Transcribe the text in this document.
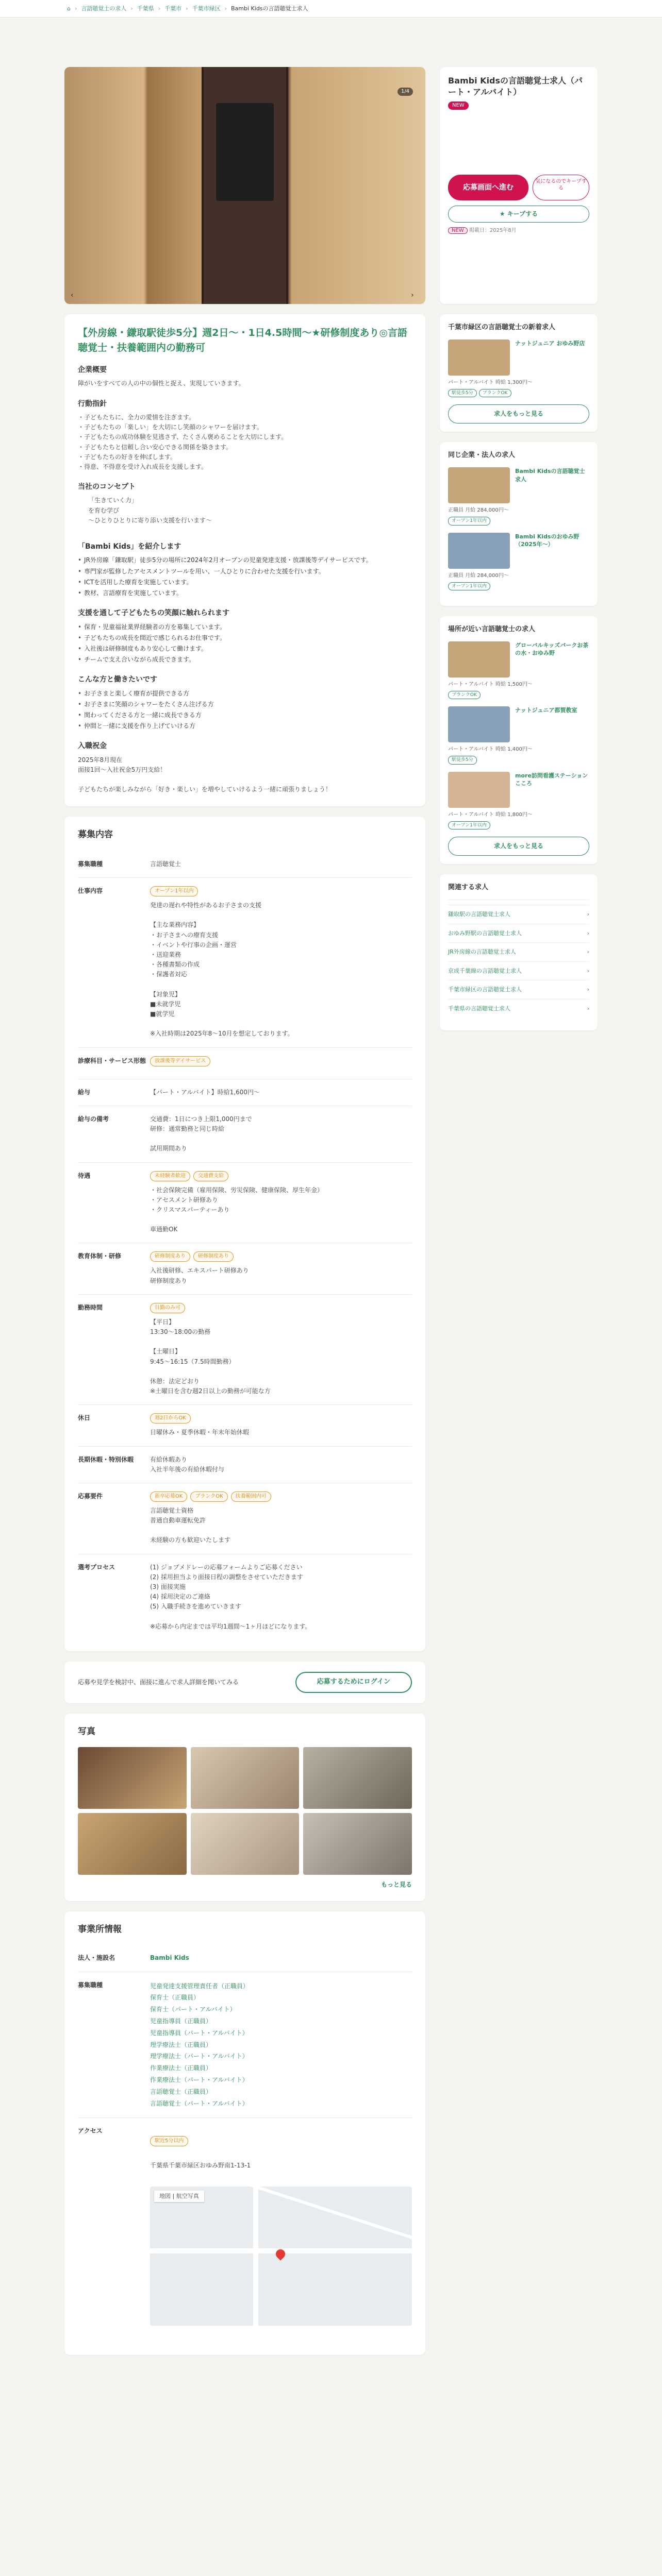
⌂ › 言語聴覚士の求人 › 千葉県 › 千葉市 › 千葉市緑区 › Bambi Kidsの言語聴覚士求人
1/4
‹	›
【外房線・鎌取駅徒歩5分】週2日〜・1日4.5時間〜★研修制度あり◎言語聴覚士・扶養範囲内の勤務可
企業概要
障がいをすべての人の中の個性と捉え、実現していきます。
行動指針
・子どもたちに、全力の愛情を注ぎます。
・子どもたちの「楽しい」を大切にし笑顔のシャワーを届けます。
・子どもたちの成功体験を見逃さず、たくさん褒めることを大切にします。
・子どもたちと信頼し合い安心できる関係を築きます。
・子どもたちの好きを伸ばします。
・得意、不得意を受け入れ成長を支援します。
当社のコンセプト
「生きていく力」
を育む学び
〜ひとりひとりに寄り添い支援を行います〜
「Bambi Kids」を紹介します
• JR外房線「鎌取駅」徒歩5分の場所に2024年2月オープンの児童発達支援・放課後等デイサービスです。
• 専門家が監修したアセスメントツールを用い、一人ひとりに合わせた支援を行います。
• ICTを活用した療育を実施しています。
• 教材、言語療育を実施しています。
支援を通して子どもたちの笑顔に触れられます
• 保育・児童福祉業界経験者の方を募集しています。
• 子どもたちの成長を間近で感じられるお仕事です。
• 入社後は研修制度もあり安心して働けます。
• チームで支え合いながら成長できます。
こんな方と働きたいです
• お子さまと楽しく療育が提供できる方
• お子さまに笑顔のシャワーをたくさん注げる方
• 関わってくださる方と一緒に成長できる方
• 仲間と一緒に支援を作り上げていける方
入職祝金
2025年8月現在
面接1回〜入社祝金5万円支給！

子どもたちが楽しみながら「好き・楽しい」を増やしていけるよう一緒に頑張りましょう！
募集内容
募集職種	言語聴覚士
仕事内容	オープン1年以内
発達の遅れや特性があるお子さまの支援

【主な業務内容】
・お子さまへの療育支援
・イベントや行事の企画・運営
・送迎業務
・各種書類の作成
・保護者対応

【対象児】
■未就学児
■就学児

※入社時期は2025年8〜10月を想定しております。
診療科目・サービス形態	放課後等デイサービス
給与	【パート・アルバイト】時給1,600円〜
給与の備考	交通費：1日につき上限1,000円まで
研修：通常勤務と同じ時給

試用期間あり
待遇	未経験者歓迎	交通費支給
・社会保険完備（雇用保険、労災保険、健康保険、厚生年金）
・アセスメント研修あり
・クリスマスパーティーあり

車通勤OK
教育体制・研修	研修制度あり	研修制度あり
入社後研修、エキスパート研修あり
研修制度あり
勤務時間	日勤のみ可
【平日】
13:30〜18:00の勤務

【土曜日】
9:45〜16:15（7.5時間勤務）

休憩：法定どおり
※土曜日を含む週2日以上の勤務が可能な方
休日	週2日からOK
日曜休み・夏季休暇・年末年始休暇
長期休暇・特別休暇	有給休暇あり
入社半年後の有給休暇付与
応募要件	新卒応募OK	ブランクOK	扶養範囲内可
言語聴覚士資格
普通自動車運転免許

未経験の方も歓迎いたします
選考プロセス	(1) ジョブメドレーの応募フォームよりご応募ください
(2) 採用担当より面接日程の調整をさせていただきます
(3) 面接実施
(4) 採用決定のご連絡
(5) 入職手続きを進めていきます

※応募から内定までは平均1週間〜1ヶ月ほどになります。

応募や見学を検討中、面接に進んで求人詳細を聞いてみる	応募するためにログイン
写真
もっと見る
事業所情報
法人・施設名	Bambi Kids
募集職種	児童発達支援管理責任者（正職員）
保育士（正職員）
保育士（パート・アルバイト）
児童指導員（正職員）
児童指導員（パート・アルバイト）
理学療法士（正職員）
理学療法士（パート・アルバイト）
作業療法士（正職員）
作業療法士（パート・アルバイト）
言語聴覚士（正職員）
言語聴覚士（パート・アルバイト）
アクセス

駅近5分以内

千葉県千葉市緑区おゆみ野南1-13-1

地図 | 航空写真

Bambi Kidsの言語聴覚士求人（パート・アルバイト）
NEW
応募画面へ進む
気になるのでキープする
★ キープする
NEW 掲載日：2025年8月
千葉市緑区の言語聴覚士の新着求人
ナットジュニア おゆみ野店
パート・アルバイト 時給 1,300円〜
駅徒歩5分	ブランクOK
求人をもっと見る
同じ企業・法人の求人
Bambi Kidsの言語聴覚士求人
正職員 月給 284,000円〜
オープン1年以内
Bambi Kidsのおゆみ野（2025年～）
正職員 月給 284,000円〜
オープン1年以内
場所が近い言語聴覚士の求人
グローバルキッズパークお茶の水・おゆみ野
パート・アルバイト 時給 1,500円〜
ブランクOK
ナットジュニア都賀教室
パート・アルバイト 時給 1,400円〜
駅徒歩5分
more訪問看護ステーションこころ
パート・アルバイト 時給 1,800円〜
オープン1年以内
求人をもっと見る
関連する求人
鎌取駅の言語聴覚士求人	›
おゆみ野駅の言語聴覚士求人	›
JR外房線の言語聴覚士求人	›
京成千葉線の言語聴覚士求人	›
千葉市緑区の言語聴覚士求人	›
千葉県の言語聴覚士求人	›
